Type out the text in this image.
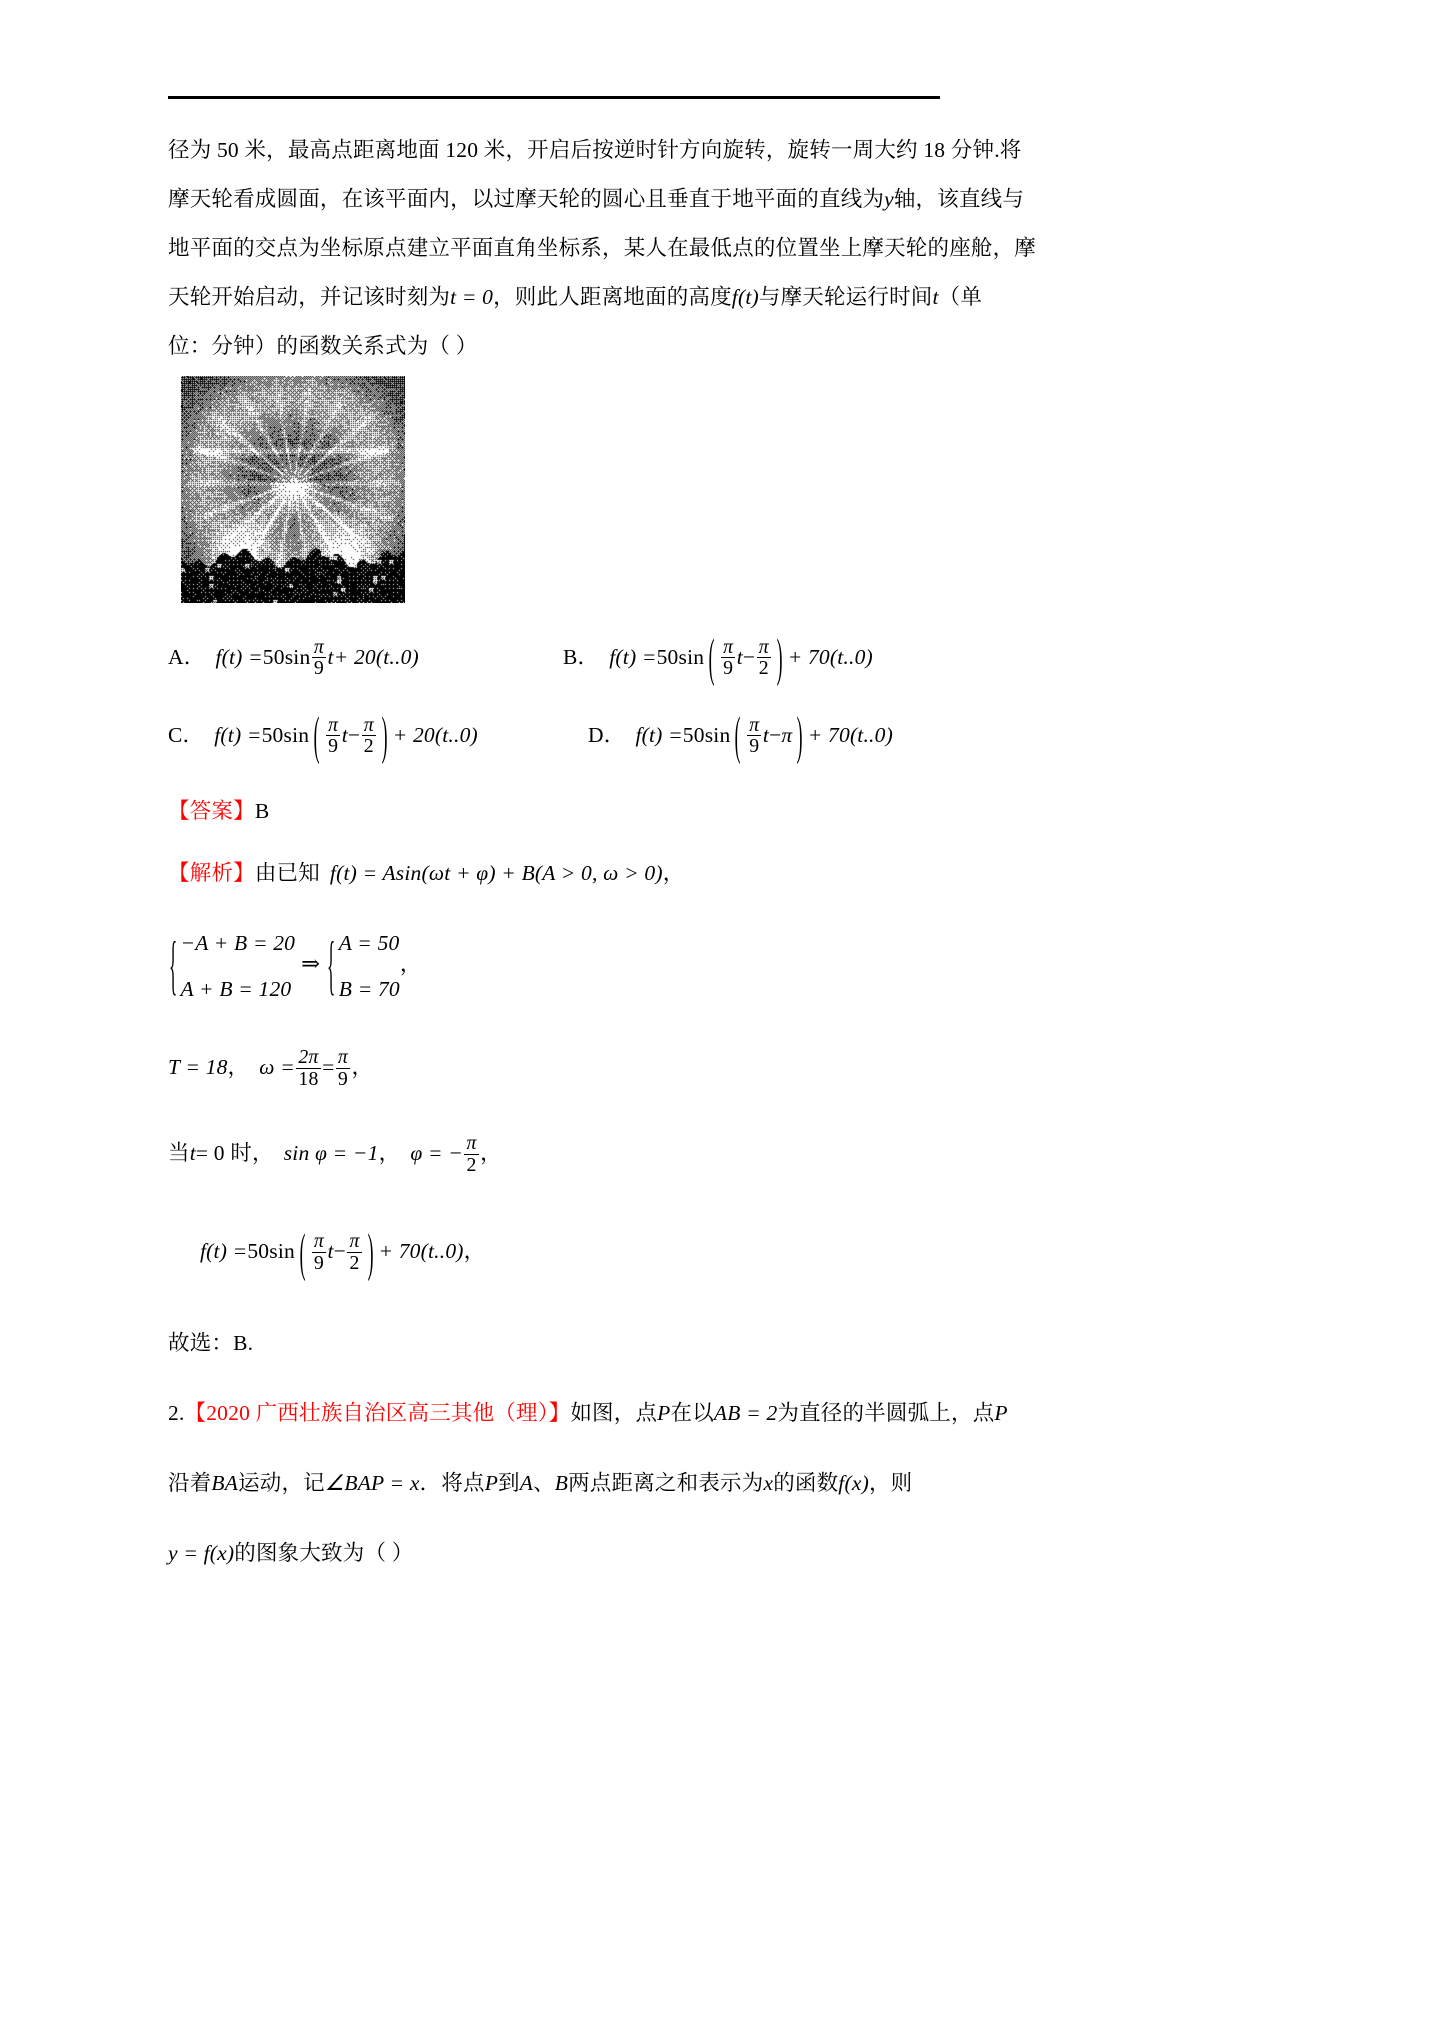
径为 50 米，最高点距离地面 120 米，开启后按逆时针方向旋转，旋转一周大约 18 分钟.将
摩天轮看成圆面，在该平面内，以过摩天轮的圆心且垂直于地平面的直线为y轴，该直线与
地平面的交点为坐标原点建立平面直角坐标系，某人在最低点的位置坐上摩天轮的座舱，摩
天轮开始启动，并记该时刻为t = 0，则此人距离地面的高度f(t)与摩天轮运行时间t（单
位：分钟）的函数关系式为（ ）
A． $f(t) =50\sin \frac{\pi}{9} t+ 20(t..0)$	B． f(t) =50sin ( $\frac{\pi}{9} t- \frac{\pi}{2}$ ) + 70(t..0)
C． f(t) =50sin ( $\frac{\pi}{9} t- \frac{\pi}{2}$ ) + 20(t..0)	D． f(t) =50sin ( $\frac{\pi}{9} t-\pi$ ) + 70(t..0)
【答案】B
【解析】由已知 f(t) = Asin(ωt + φ) + B(A > 0, ω > 0)，
{ −A + B = 20
A + B = 120
⇒ { A = 50
B = 70
，
T = 18， $\omega = \frac{2\pi}{18} = \frac{\pi}{9}$ ，
当t= 0 时， sin φ = −1， φ = − $\frac{\pi}{2}$ ，
f(t) =50sin ( $\frac{\pi}{9} t- \frac{\pi}{2}$ ) + 70(t..0)，
故选：B.
2.【2020 广西壮族自治区高三其他（理）】如图，点P在以AB = 2为直径的半圆弧上，点P
沿着BA运动，记∠BAP = x．将点P到A、B两点距离之和表示为x的函数f(x)，则
y = f(x)的图象大致为（ ）
